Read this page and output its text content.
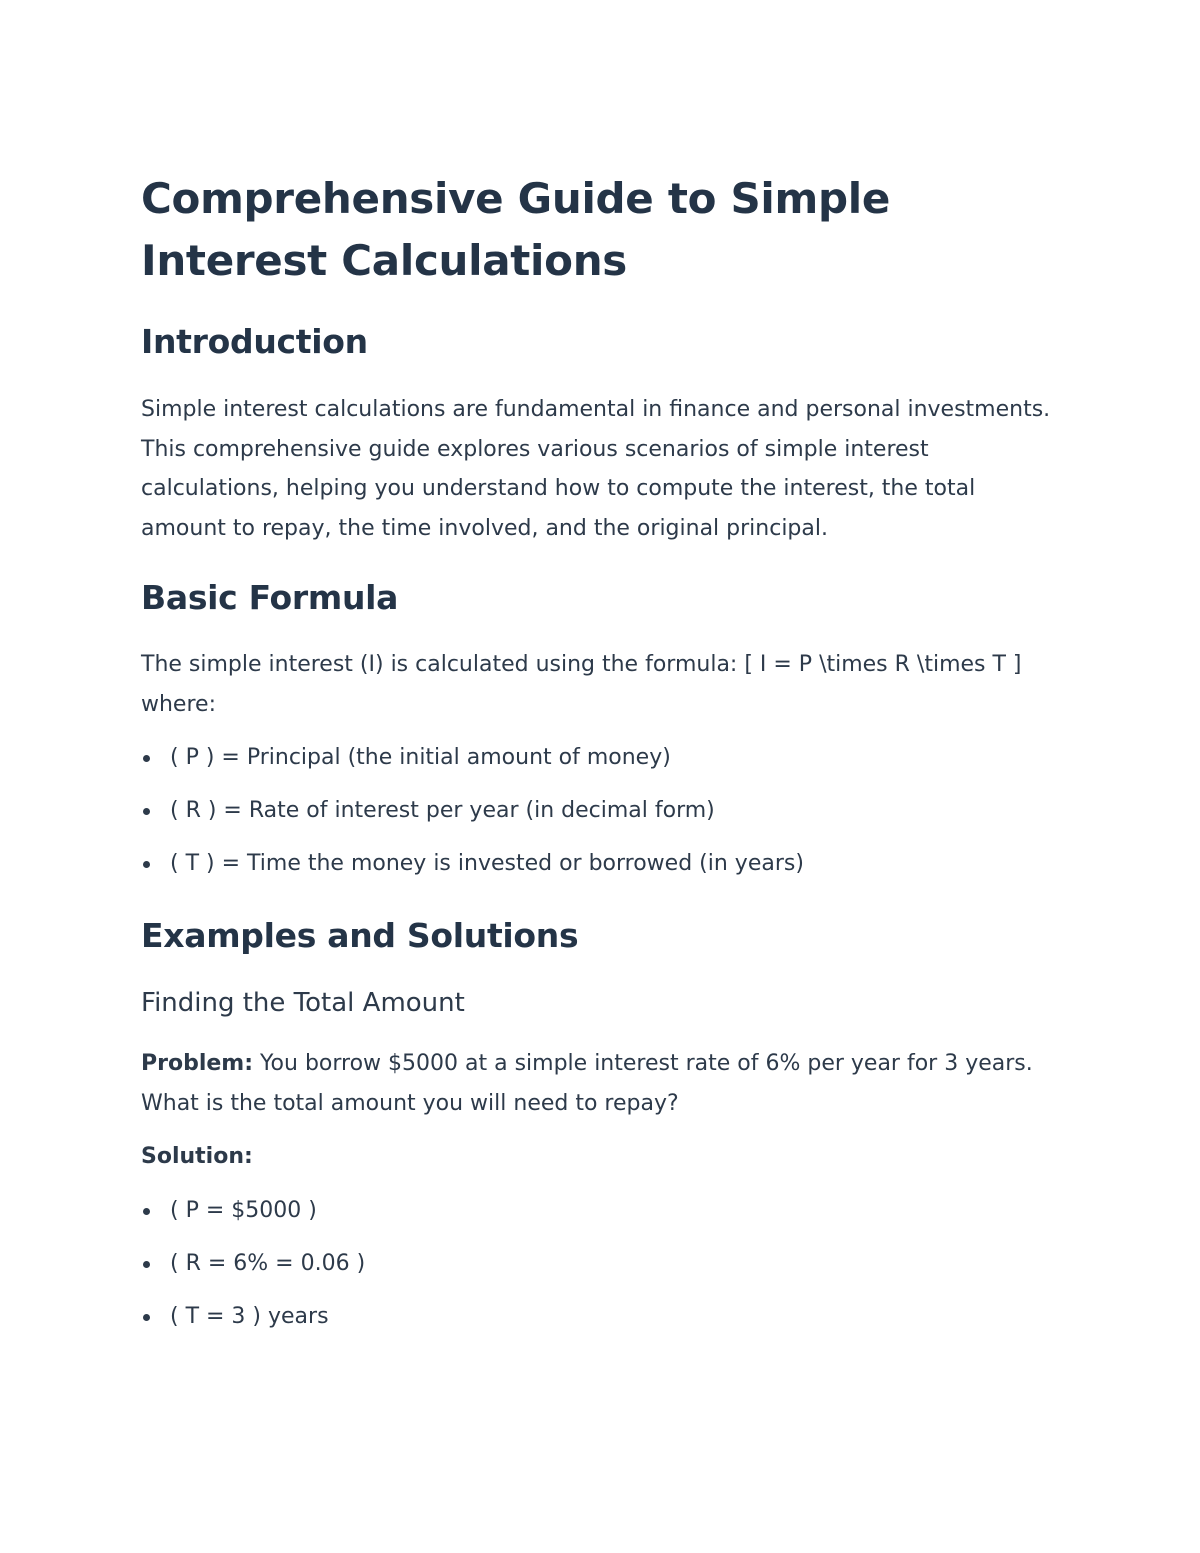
Comprehensive Guide to Simple Interest Calculations
Introduction

Simple interest calculations are fundamental in finance and personal investments. This comprehensive guide explores various scenarios of simple interest calculations, helping you understand how to compute the interest, the total amount to repay, the time involved, and the original principal.

Basic Formula

The simple interest (I) is calculated using the formula: [ I = P \times R \times T ] where:

( P ) = Principal (the initial amount of money)
( R ) = Rate of interest per year (in decimal form)
( T ) = Time the money is invested or borrowed (in years)
Examples and Solutions
Finding the Total Amount

Problem: You borrow $5000 at a simple interest rate of 6% per year for 3 years. What is the total amount you will need to repay?

Solution:

( P = $5000 )
( R = 6% = 0.06 )
( T = 3 ) years
